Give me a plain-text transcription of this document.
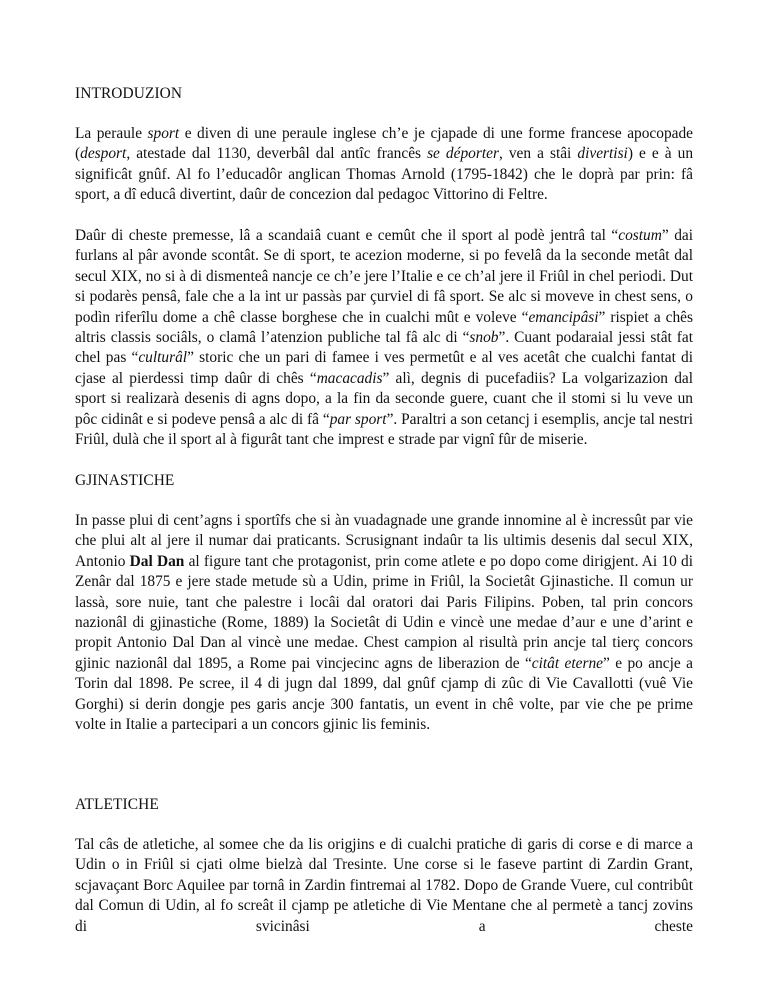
INTRODUZION
La peraule sport e diven di une peraule inglese ch’e je cjapade di une forme francese apocopade (desport, atestade dal 1130, deverbâl dal antîc francês se déporter, ven a stâi divertisi) e e à un significât gnûf. Al fo l’educadôr anglican Thomas Arnold (1795-1842) che le doprà par prin: fâ sport, a dî educâ divertint, daûr de concezion dal pedagoc Vittorino di Feltre.
Daûr di cheste premesse, lâ a scandaiâ cuant e cemût che il sport al podè jentrâ tal “costum” dai furlans al pâr avonde scontât. Se di sport, te acezion moderne, si po fevelâ da la seconde metât dal secul XIX, no si à di dismenteâ nancje ce ch’e jere l’Italie e ce ch’al jere il Friûl in chel periodi. Dut si podarès pensâ, fale che a la int ur passàs par çurviel di fâ sport. Se alc si moveve in chest sens, o podìn riferîlu dome a chê classe borghese che in cualchi mût e voleve “emancipâsi” rispiet a chês altris classis sociâls, o clamâ l’atenzion publiche tal fâ alc di “snob”. Cuant podaraial jessi stât fat chel pas “culturâl” storic che un pari di famee i ves permetût e al ves acetât che cualchi fantat di cjase al pierdessi timp daûr di chês “macacadis” alì, degnis di pucefadiis? La volgarizazion dal sport si realizarà desenis di agns dopo, a la fin da seconde guere, cuant che il stomi si lu veve un pôc cidinât e si podeve pensâ a alc di fâ “par sport”. Paraltri a son cetancj i esemplis, ancje tal nestri Friûl, dulà che il sport al à figurât tant che imprest e strade par vignî fûr de miserie.
GJINASTICHE
In passe plui di cent’agns i sportîfs che si àn vuadagnade une grande innomine al è incressût par vie che plui alt al jere il numar dai praticants. Scrusignant indaûr ta lis ultimis desenis dal secul XIX, Antonio Dal Dan al figure tant che protagonist, prin come atlete e po dopo come dirigjent. Ai 10 di Zenâr dal 1875 e jere stade metude sù a Udin, prime in Friûl, la Societât Gjinastiche. Il comun ur lassà, sore nuie, tant che palestre i locâi dal oratori dai Paris Filipins. Poben, tal prin concors nazionâl di gjinastiche (Rome, 1889) la Societât di Udin e vincè une medae d’aur e une d’arint e propit Antonio Dal Dan al vincè une medae. Chest campion al risultà prin ancje tal tierç concors gjinic nazionâl dal 1895, a Rome pai vincjecinc agns de liberazion de “citât eterne” e po ancje a Torin dal 1898. Pe scree, il 4 di jugn dal 1899, dal gnûf cjamp di zûc di Vie Cavallotti (vuê Vie Gorghi) si derin dongje pes garis ancje 300 fantatis, un event in chê volte, par vie che pe prime volte in Italie a partecipari a un concors gjinic lis feminis.
ATLETICHE
Tal câs de atletiche, al somee che da lis origjins e di cualchi pratiche di garis di corse e di marce a Udin o in Friûl si cjati olme bielzà dal Tresinte. Une corse si le faseve partint di Zardin Grant, scjavaçant Borc Aquilee par tornâ in Zardin fintremai al 1782. Dopo de Grande Vuere, cul contribût dal Comun di Udin, al fo screât il cjamp pe atletiche di Vie Mentane che al permetè a tancj zovins di svicinâsi a cheste
